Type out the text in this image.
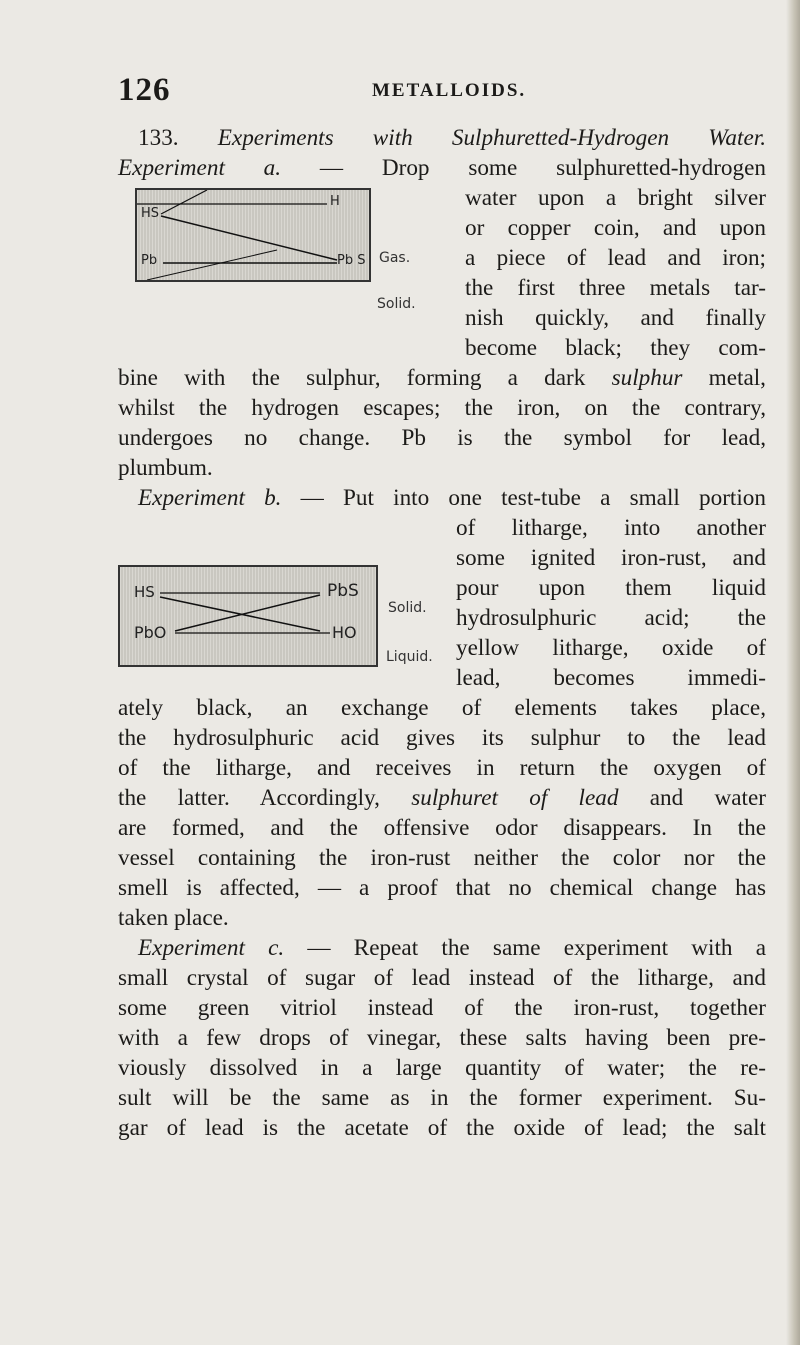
126	METALLOIDS.
HS
H
Pb	Pb S Gas.
Solid.
HS	PbS
PbO	HO
Solid.
Liquid.
133. Experiments with Sulphuretted-Hydrogen Water.
Experiment a. — Drop some sulphuretted-hydrogen
water upon a bright silver
or copper coin, and upon
a piece of lead and iron;
the first three metals tar-
nish quickly, and finally
become black; they com-
bine with the sulphur, forming a dark sulphur metal,
whilst the hydrogen escapes; the iron, on the contrary,
undergoes no change. Pb is the symbol for lead,
plumbum.
Experiment b. — Put into one test-tube a small portion
of litharge, into another
some ignited iron-rust, and
pour upon them liquid
hydrosulphuric acid; the
yellow litharge, oxide of
lead, becomes immedi-
ately black, an exchange of elements takes place,
the hydrosulphuric acid gives its sulphur to the lead
of the litharge, and receives in return the oxygen of
the latter. Accordingly, sulphuret of lead and water
are formed, and the offensive odor disappears. In the
vessel containing the iron-rust neither the color nor the
smell is affected, — a proof that no chemical change has
taken place.
Experiment c. — Repeat the same experiment with a
small crystal of sugar of lead instead of the litharge, and
some green vitriol instead of the iron-rust, together
with a few drops of vinegar, these salts having been pre-
viously dissolved in a large quantity of water; the re-
sult will be the same as in the former experiment. Su-
gar of lead is the acetate of the oxide of lead; the salt
